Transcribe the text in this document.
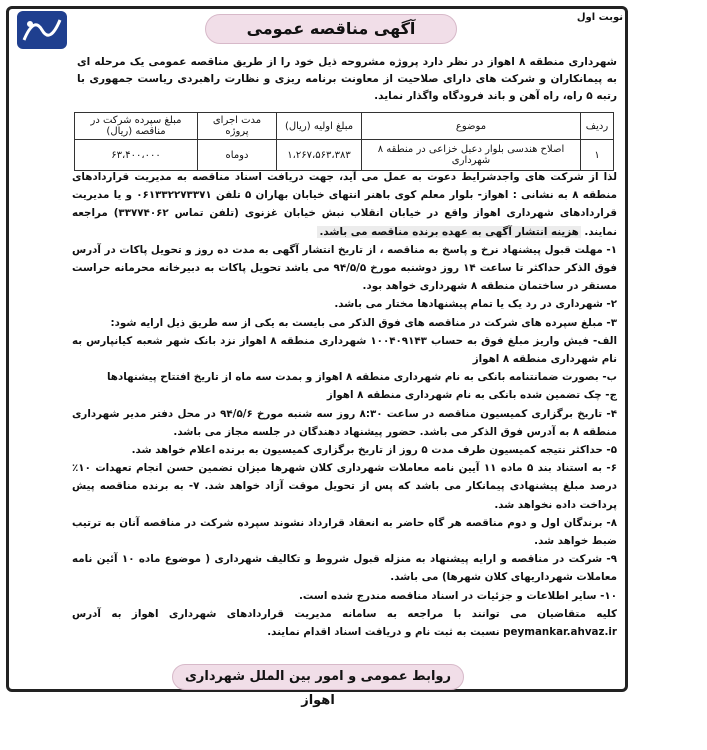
نوبت اول
آگهی مناقصه عمومی
شهرداری منطقه ۸ اهواز در نظر دارد پروژه مشروحه ذیل خود را از طریق مناقصه عمومی یک مرحله ای به پیمانکاران و شرکت های دارای صلاحیت از معاونت برنامه ریزی و نظارت راهبردی ریاست جمهوری با رتبه ۵ راه، راه آهن و باند فرودگاه واگذار نماید.
ردیف	موضوع	مبلغ اولیه (ریال)	مدت اجرای پروژه	مبلغ سپرده شرکت در مناقصه (ریال)
۱	اصلاح هندسی بلوار دعبل خزاعی در منطقه ۸ شهرداری	۱،۲۶۷،۵۶۳،۳۸۳	دوماه	۶۳،۴۰۰،۰۰۰

لذا از شرکت های واجدشرایط دعوت به عمل می آید، جهت دریافت اسناد مناقصه به مدیریت قراردادهای منطقه ۸ به نشانی : اهواز- بلوار معلم کوی باهنر انتهای خیابان بهاران ۵ تلفن ۰۶۱۳۳۲۲۷۳۳۷۱ و یا مدیریت قراردادهای شهرداری اهواز واقع در خیابان انقلاب نبش خیابان غزنوی (تلفن تماس ۳۳۷۷۴۰۶۲) مراجعه نمایند. هزینه انتشار آگهی به عهده برنده مناقصه می باشد.

۱- مهلت قبول پیشنهاد نرخ و پاسخ به مناقصه ، از تاریخ انتشار آگهی به مدت ده روز و تحویل پاکات در آدرس فوق الذکر حداکثر تا ساعت ۱۴ روز دوشنبه مورخ ۹۴/۵/۵ می باشد تحویل پاکات به دبیرخانه محرمانه حراست مستقر در ساختمان منطقه ۸ شهرداری خواهد بود.

۲- شهرداری در رد یک یا تمام پیشنهادها مختار می باشد.

۳- مبلغ سپرده های شرکت در مناقصه های فوق الذکر می بایست به یکی از سه طریق ذیل ارایه شود:

الف- فیش واریز مبلغ فوق به حساب ۱۰۰۴۰۹۱۴۳ شهرداری منطقه ۸ اهواز نزد بانک شهر شعبه کیانپارس به نام شهرداری منطقه ۸ اهواز

ب- بصورت ضمانتنامه بانکی به نام شهرداری منطقه ۸ اهواز و بمدت سه ماه از تاریخ افتتاح پیشنهادها

ج- چک تضمین شده بانکی به نام شهرداری منطقه ۸ اهواز

۴- تاریخ برگزاری کمیسیون مناقصه در ساعت ۸:۳۰ روز سه شنبه مورخ ۹۴/۵/۶ در محل دفتر مدیر شهرداری منطقه ۸ به آدرس فوق الذکر می باشد. حضور پیشنهاد دهندگان در جلسه مجاز می باشد.

۵- حداکثر نتیجه کمیسیون طرف مدت ۵ روز از تاریخ برگزاری کمیسیون به برنده اعلام خواهد شد.

۶- به استناد بند ۵ ماده ۱۱ آیین نامه معاملات شهرداری کلان شهرها میزان تضمین حسن انجام تعهدات ۱۰٪ درصد مبلغ پیشنهادی پیمانکار می باشد که پس از تحویل موقت آزاد خواهد شد. ۷- به برنده مناقصه پیش پرداخت داده نخواهد شد.

۸- برندگان اول و دوم مناقصه هر گاه حاضر به انعقاد قرارداد نشوند سپرده شرکت در مناقصه آنان به ترتیب ضبط خواهد شد.

۹- شرکت در مناقصه و ارایه پیشنهاد به منزله قبول شروط و تکالیف شهرداری ( موضوع ماده ۱۰ آئین نامه معاملات شهرداریهای کلان شهرها) می باشد.

۱۰- سایر اطلاعات و جزئیات در اسناد مناقصه مندرج شده است.

کلیه متقاضیان می توانند با مراجعه به سامانه مدیریت قراردادهای شهرداری اهواز به آدرس peymankar.ahvaz.ir نسبت به ثبت نام و دریافت اسناد اقدام نمایند.

روابط عمومی و امور بین الملل شهرداری اهواز
